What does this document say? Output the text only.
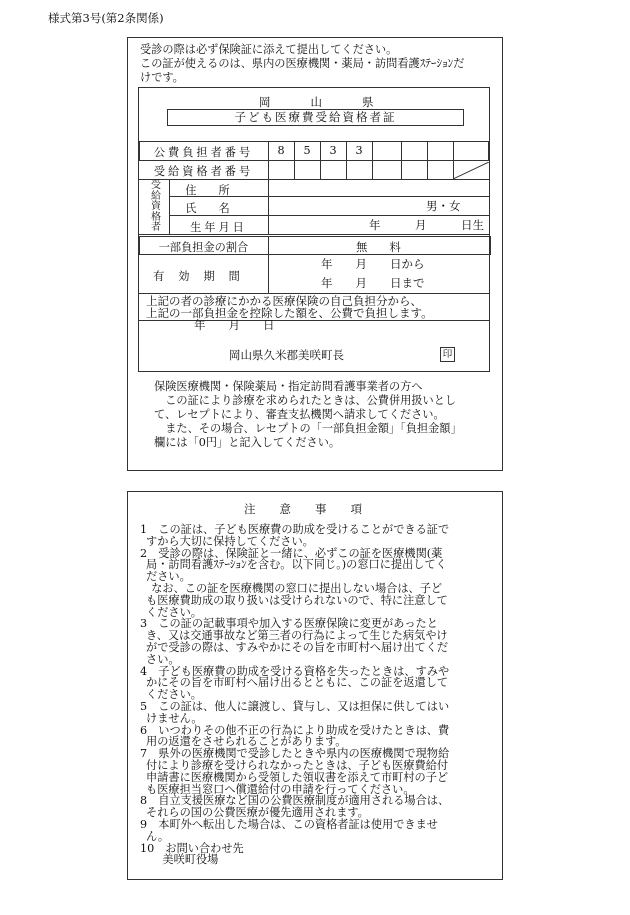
様式第3号(第2条関係)
受診の際は必ず保険証に添えて提出してください。
この証が使えるのは、県内の医療機関・薬局・訪問看護ｽﾃｰｼｮﾝだ
けです。
岡山県
子ども医療費受給資格者証
公費負担者番号	8	5	3	3
受給資格者番号
受給資格者
住所
氏名	男・女
生年月日	年　　　月　　　日生
一部負担金の割合	無　　料
有効期間
年　　月　　日から
年　　月　　日まで
上記の者の診療にかかる医療保険の自己負担分から、
上記の一部負担金を控除した額を、公費で負担します。
年　　月　　日
岡山県久米郡美咲町長	印
保険医療機関・保険薬局・指定訪問看護事業者の方へ
　この証により診療を求められたときは、公費併用扱いとし
て、レセプトにより、審査支払機関へ請求してください。
　また、その場合、レセプトの「一部負担金額」「負担金額」
欄には「0円」と記入してください。
注意事項
1　この証は、子ども医療費の助成を受けることができる証で
すから大切に保持してください。
2　受診の際は、保険証と一緒に、必ずこの証を医療機関(薬
局・訪問看護ｽﾃｰｼｮﾝを含む。以下同じ。)の窓口に提出してく
ださい。
　なお、この証を医療機関の窓口に提出しない場合は、子ど
も医療費助成の取り扱いは受けられないので、特に注意して
ください。
3　この証の記載事項や加入する医療保険に変更があったと
き、又は交通事故など第三者の行為によって生じた病気やけ
がで受診の際は、すみやかにその旨を市町村へ届け出てくだ
さい。
4　子ども医療費の助成を受ける資格を失ったときは、すみや
かにその旨を市町村へ届け出るとともに、この証を返還して
ください。
5　この証は、他人に譲渡し、貸与し、又は担保に供してはい
けません。
6　いつわりその他不正の行為により助成を受けたときは、費
用の返還をさせられることがあります。
7　県外の医療機関で受診したときや県内の医療機関で現物給
付により診療を受けられなかったときは、子ども医療費給付
申請書に医療機関から受領した領収書を添えて市町村の子ど
も医療担当窓口へ償還給付の申請を行ってください。
8　自立支援医療など国の公費医療制度が適用される場合は、
それらの国の公費医療が優先適用されます。
9　本町外へ転出した場合は、この資格者証は使用できませ
ん。
10　お問い合わせ先
　　美咲町役場
